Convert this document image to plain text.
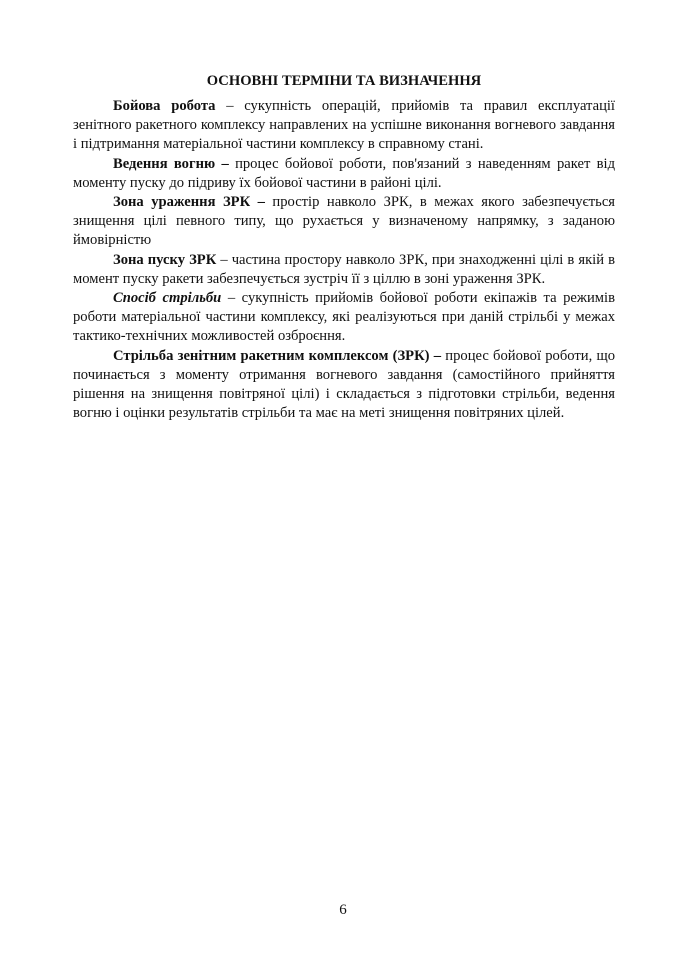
ОСНОВНІ ТЕРМІНИ ТА ВИЗНАЧЕННЯ

Бойова робота – сукупність операцій, прийомів та правил експлуатації зенітного ракетного комплексу направлених на успішне виконання вогневого завдання і підтримання матеріальної частини комплексу в справному стані.

Ведення вогню – процес бойової роботи, пов'язаний з наведенням ракет від моменту пуску до підриву їх бойової частини в районі цілі.

Зона ураження ЗРК – простір навколо ЗРК, в межах якого забезпечується знищення цілі певного типу, що рухається у визначеному напрямку, з заданою ймовірністю

Зона пуску ЗРК – частина простору навколо ЗРК, при знаходженні цілі в якій в момент пуску ракети забезпечується зустріч її з ціллю в зоні ураження ЗРК.

Спосіб стрільби – сукупність прийомів бойової роботи екіпажів та режимів роботи матеріальної частини комплексу, які реалізуються при даній стрільбі у межах тактико-технічних можливостей озброєння.

Стрільба зенітним ракетним комплексом (ЗРК) – процес бойової роботи, що починається з моменту отримання вогневого завдання (самостійного прийняття рішення на знищення повітряної цілі) і складається з підготовки стрільби, ведення вогню і оцінки результатів стрільби та має на меті знищення повітряних цілей.

6
